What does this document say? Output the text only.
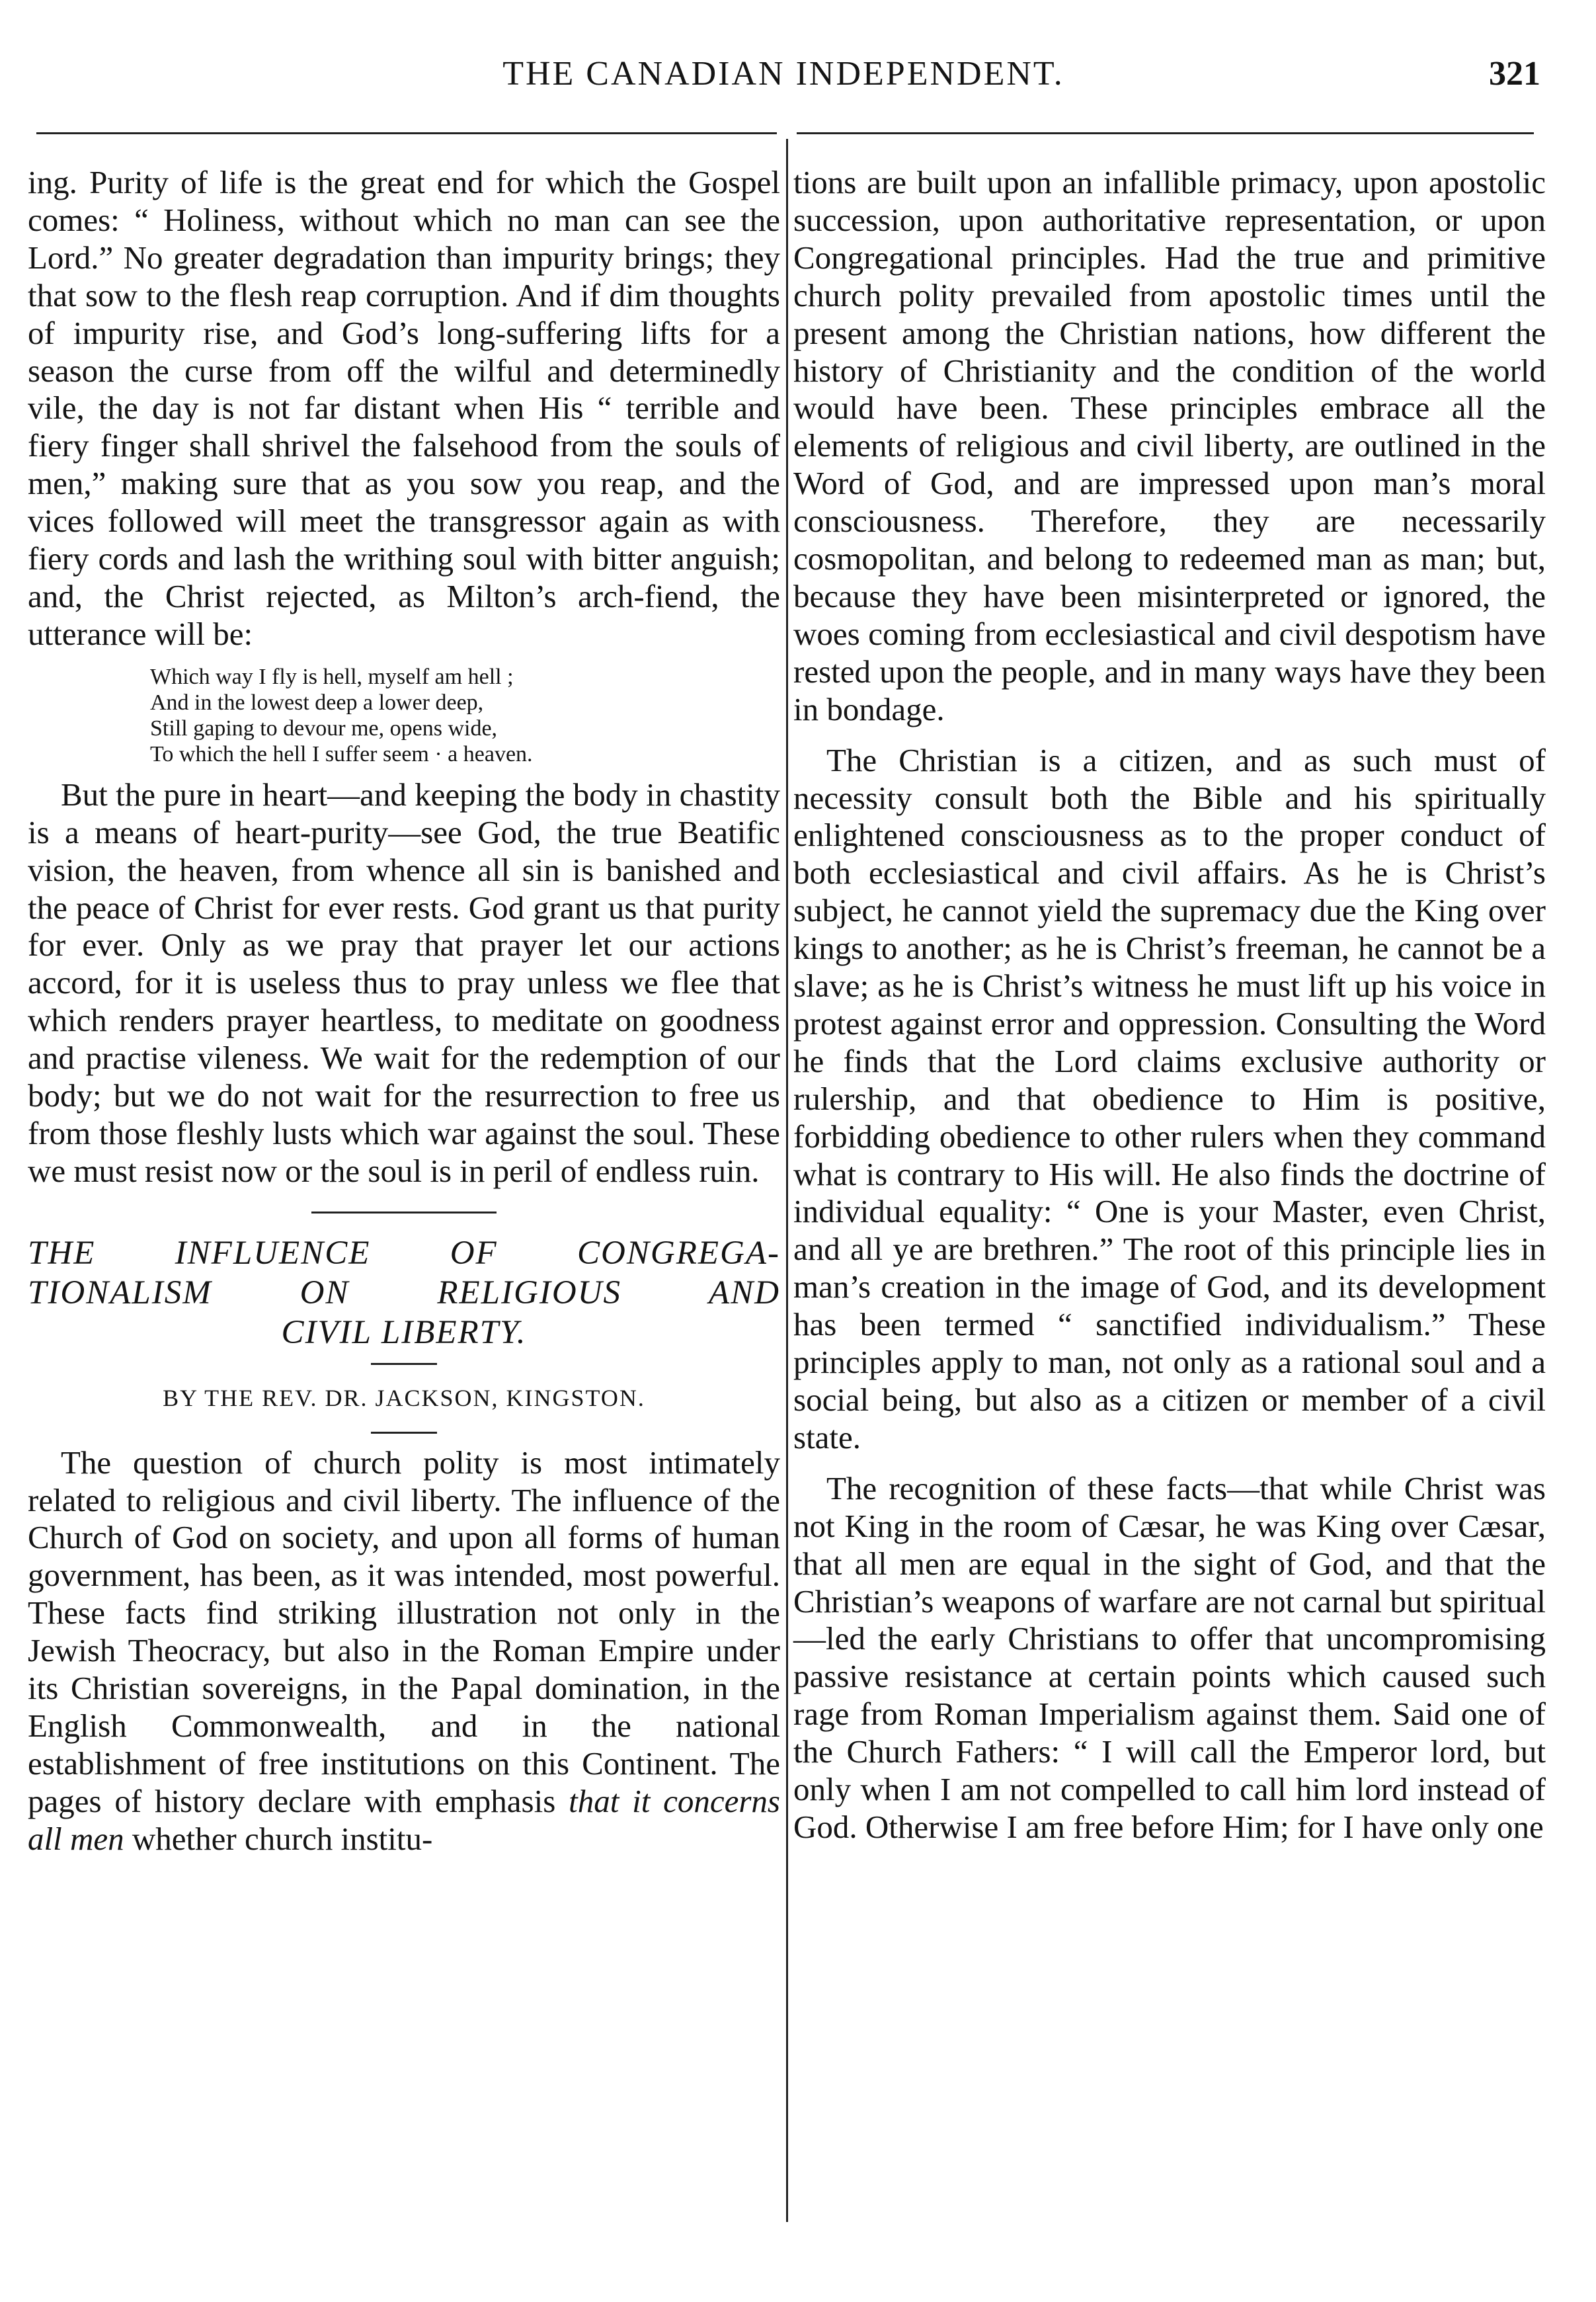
THE CANADIAN INDEPENDENT.	321

ing. Purity of life is the great end for which the Gospel comes: “ Holiness, without which no man can see the Lord.” No greater degradation than impurity brings; they that sow to the flesh reap corruption. And if dim thoughts of impurity rise, and God’s long-suffering lifts for a season the curse from off the wilful and determinedly vile, the day is not far distant when His “ terrible and fiery finger shall shrivel the falsehood from the souls of men,” making sure that as you sow you reap, and the vices followed will meet the transgressor again as with fiery cords and lash the writhing soul with bitter anguish; and, the Christ rejected, as Milton’s arch-fiend, the utterance will be:

Which way I fly is hell, myself am hell ;
And in the lowest deep a lower deep,
Still gaping to devour me, opens wide,
To which the hell I suffer seem · a heaven.

But the pure in heart—and keeping the body in chastity is a means of heart-purity—see God, the true Beatific vision, the heaven, from whence all sin is banished and the peace of Christ for ever rests. God grant us that purity for ever. Only as we pray that prayer let our actions accord, for it is useless thus to pray unless we flee that which renders prayer heartless, to meditate on goodness and practise vileness. We wait for the redemption of our body; but we do not wait for the resurrection to free us from those fleshly lusts which war against the soul. These we must resist now or the soul is in peril of endless ruin.

THE INFLUENCE OF CONGREGA-
TIONALISM ON RELIGIOUS AND
CIVIL LIBERTY.
BY THE REV. DR. JACKSON, KINGSTON.

The question of church polity is most intimately related to religious and civil liberty. The influence of the Church of God on society, and upon all forms of human government, has been, as it was intended, most powerful. These facts find striking illustration not only in the Jewish Theocracy, but also in the Roman Empire under its Christian sovereigns, in the Papal domination, in the English Commonwealth, and in the national establishment of free institutions on this Continent. The pages of history declare with emphasis that it concerns all men whether church institu-

tions are built upon an infallible primacy, upon apostolic succession, upon authoritative representation, or upon Congregational principles. Had the true and primitive church polity prevailed from apostolic times until the present among the Christian nations, how different the history of Christianity and the condition of the world would have been. These principles embrace all the elements of religious and civil liberty, are outlined in the Word of God, and are impressed upon man’s moral consciousness. Therefore, they are necessarily cosmopolitan, and belong to redeemed man as man; but, because they have been misinterpreted or ignored, the woes coming from ecclesiastical and civil despotism have rested upon the people, and in many ways have they been in bondage.

The Christian is a citizen, and as such must of necessity consult both the Bible and his spiritually enlightened consciousness as to the proper conduct of both ecclesiastical and civil affairs. As he is Christ’s subject, he cannot yield the supremacy due the King over kings to another; as he is Christ’s freeman, he cannot be a slave; as he is Christ’s witness he must lift up his voice in protest against error and oppression. Consulting the Word he finds that the Lord claims exclusive authority or rulership, and that obedience to Him is positive, forbidding obedience to other rulers when they command what is contrary to His will. He also finds the doctrine of individual equality: “ One is your Master, even Christ, and all ye are brethren.” The root of this principle lies in man’s creation in the image of God, and its development has been termed “ sanctified individualism.” These principles apply to man, not only as a rational soul and a social being, but also as a citizen or member of a civil state.

The recognition of these facts—that while Christ was not King in the room of Cæsar, he was King over Cæsar, that all men are equal in the sight of God, and that the Christian’s weapons of warfare are not carnal but spiritual—led the early Christians to offer that uncompromising passive resistance at certain points which caused such rage from Roman Imperialism against them. Said one of the Church Fathers: “ I will call the Emperor lord, but only when I am not compelled to call him lord instead of God. Otherwise I am free before Him; for I have only one
